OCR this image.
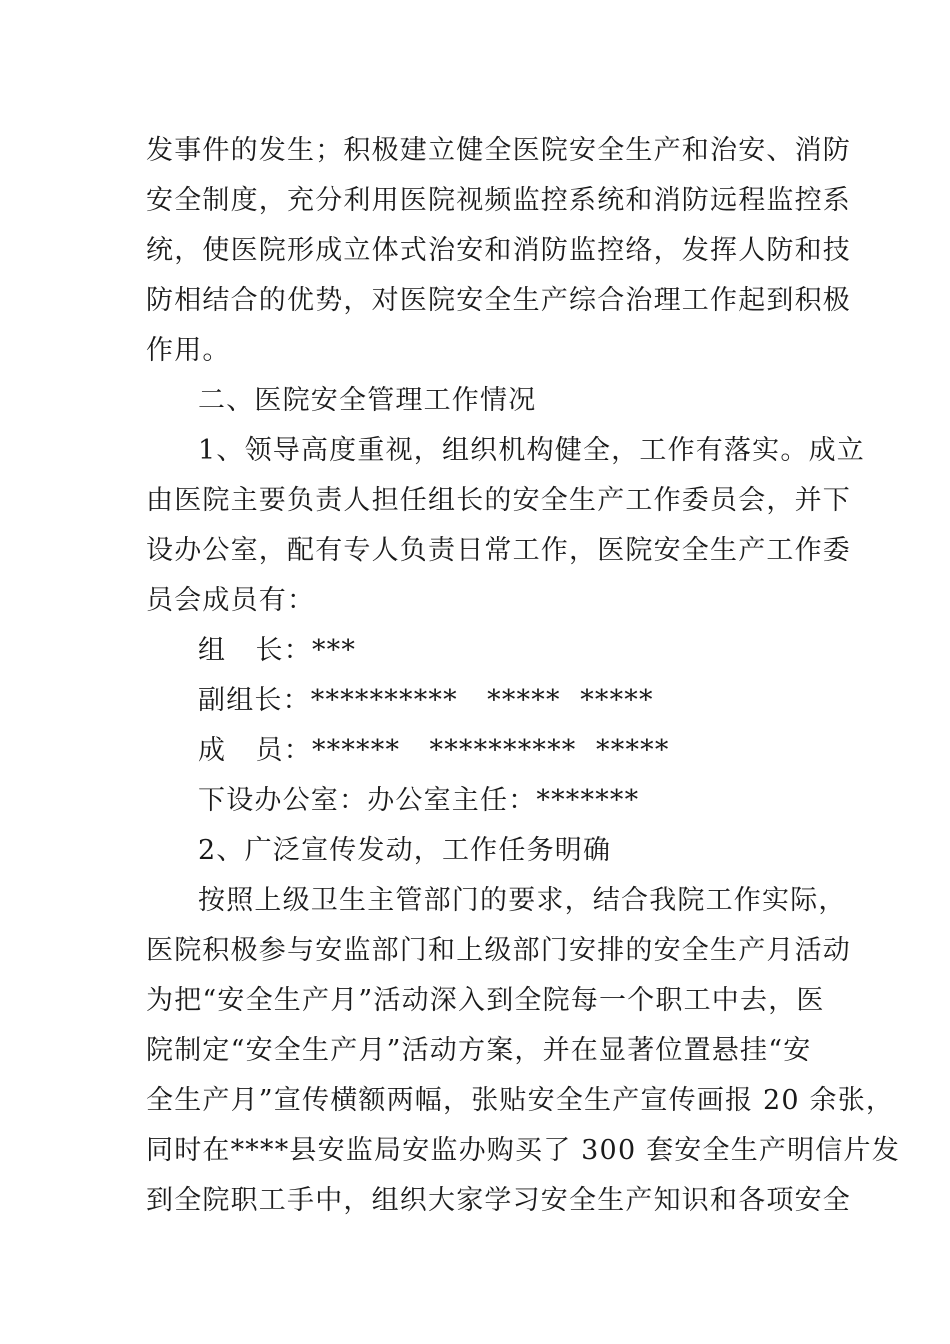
发事件的发生；积极建立健全医院安全生产和治安、消防
安全制度，充分利用医院视频监控系统和消防远程监控系
统，使医院形成立体式治安和消防监控络，发挥人防和技
防相结合的优势，对医院安全生产综合治理工作起到积极
作用。
二、医院安全管理工作情况
1、领导高度重视，组织机构健全，工作有落实。成立
由医院主要负责人担任组长的安全生产工作委员会，并下
设办公室，配有专人负责日常工作，医院安全生产工作委
员会成员有：
组   长：***
副组长：**********   *****  *****
成   员：******   **********  *****
下设办公室：办公室主任：*******
2、广泛宣传发动，工作任务明确
按照上级卫生主管部门的要求，结合我院工作实际，
医院积极参与安监部门和上级部门安排的安全生产月活动
为把“安全生产月”活动深入到全院每一个职工中去，医
院制定“安全生产月”活动方案，并在显著位置悬挂“安
全生产月”宣传横额两幅，张贴安全生产宣传画报 20 余张，
同时在****县安监局安监办购买了 300 套安全生产明信片发
到全院职工手中，组织大家学习安全生产知识和各项安全
